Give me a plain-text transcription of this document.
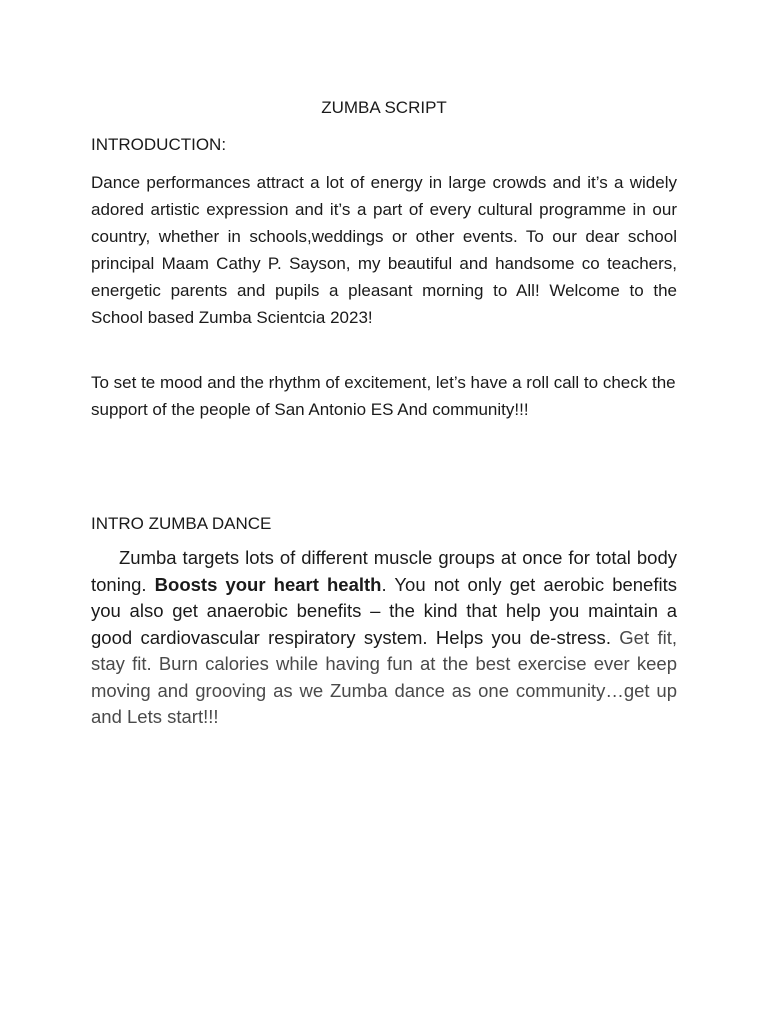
ZUMBA SCRIPT
INTRODUCTION:

Dance performances attract a lot of energy in large crowds and it’s a widely adored artistic expression and it’s a part of every cultural programme in our country, whether in schools,weddings or other events. To our dear school principal Maam Cathy P. Sayson, my beautiful and handsome co teachers, energetic parents and pupils a pleasant morning to All! Welcome to the School based Zumba Scientcia 2023!

To set te mood and the rhythm of excitement, let’s have a roll call to check the support of the people of San Antonio ES And community!!!

INTRO ZUMBA DANCE

Zumba targets lots of different muscle groups at once for total body toning. Boosts your heart health. You not only get aerobic benefits you also get anaerobic benefits – the kind that help you maintain a good cardiovascular respiratory system. Helps you de-stress. Get fit, stay fit. Burn calories while having fun at the best exercise ever keep moving and grooving as we Zumba dance as one community…get up and Lets start!!!
